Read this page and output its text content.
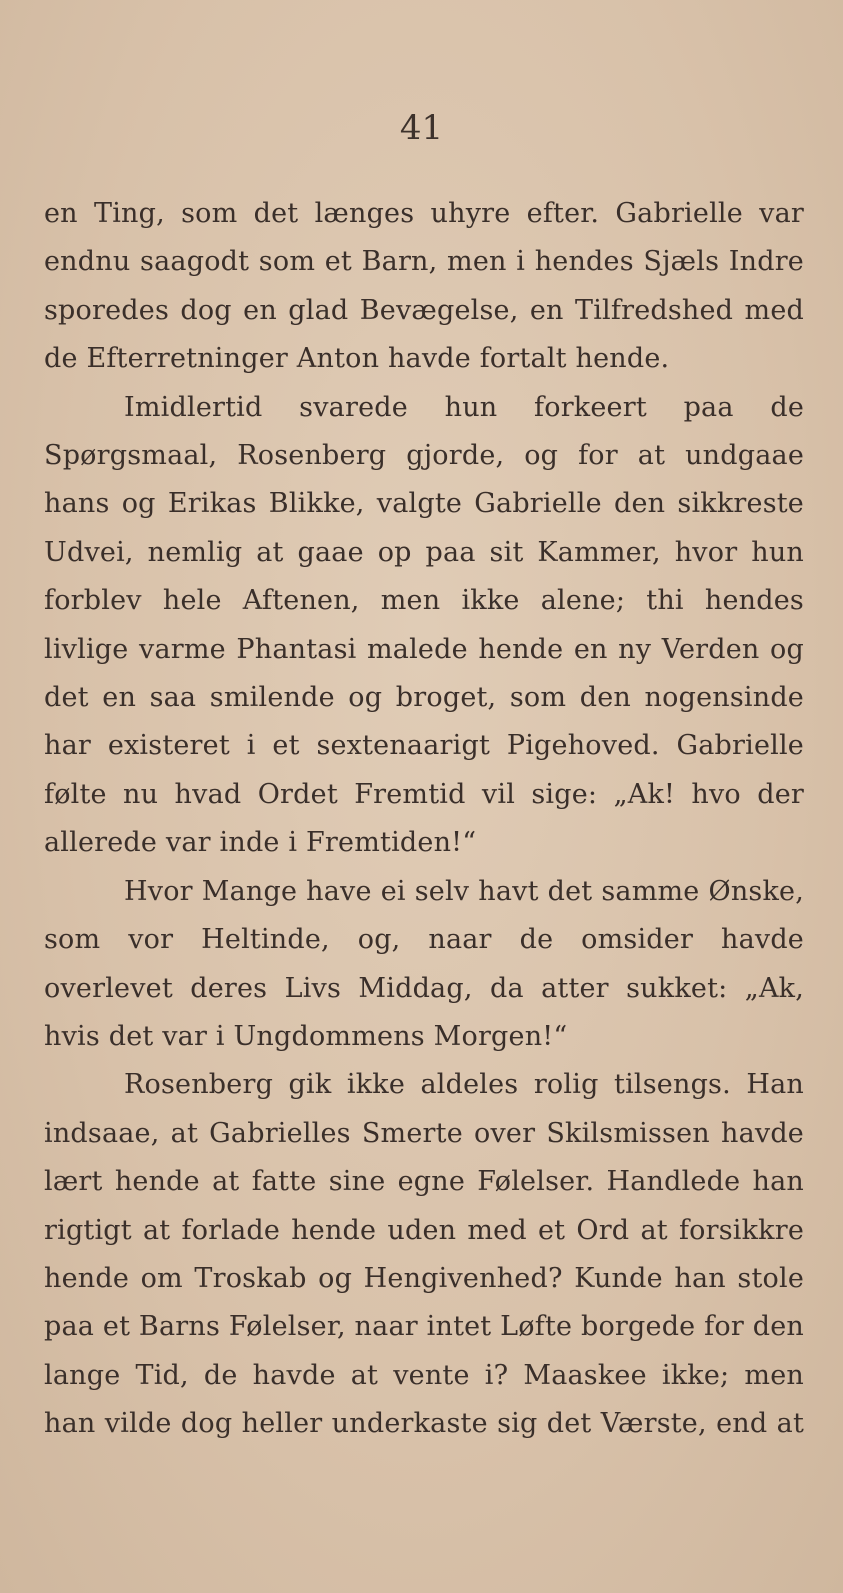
41

en Ting, som det længes uhyre efter. Gabrielle var endnu saagodt som et Barn, men i hendes Sjæls Indre sporedes dog en glad Bevægelse, en Tilfredshed med de Efterretninger Anton havde fortalt hende.

Imidlertid svarede hun forkeert paa de Spørgsmaal, Rosenberg gjorde, og for at undgaae hans og Erikas Blikke, valgte Gabrielle den sikkreste Udvei, nemlig at gaae op paa sit Kammer, hvor hun forblev hele Aftenen, men ikke alene; thi hendes livlige varme Phantasi malede hende en ny Verden og det en saa smilende og broget, som den nogensinde har existeret i et sextenaarigt Pigehoved. Gabrielle følte nu hvad Ordet Fremtid vil sige: „Ak! hvo der allerede var inde i Fremtiden!“

Hvor Mange have ei selv havt det samme Ønske, som vor Heltinde, og, naar de omsider havde overlevet deres Livs Middag, da atter sukket: „Ak, hvis det var i Ungdommens Morgen!“

Rosenberg gik ikke aldeles rolig tilsengs. Han indsaae, at Gabrielles Smerte over Skilsmissen havde lært hende at fatte sine egne Følelser. Handlede han rigtigt at forlade hende uden med et Ord at forsikkre hende om Troskab og Hengivenhed? Kunde han stole paa et Barns Følelser, naar intet Løfte borgede for den lange Tid, de havde at vente i? Maaskee ikke; men han vilde dog heller underkaste sig det Værste, end at
